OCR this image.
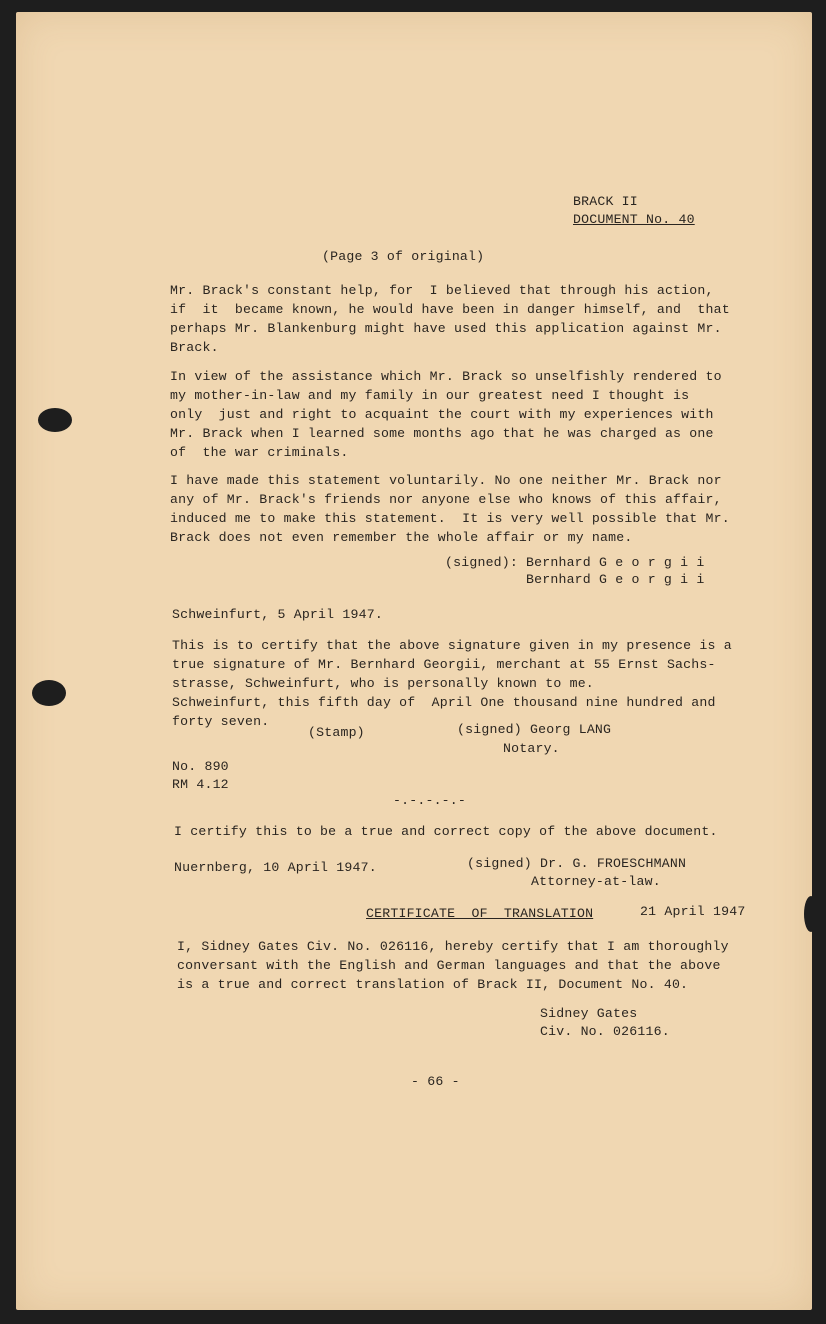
BRACK II
DOCUMENT No. 40
(Page 3 of original)
Mr. Brack's constant help, for  I believed that through his action,
if  it  became known, he would have been in danger himself, and  that
perhaps Mr. Blankenburg might have used this application against Mr.
Brack.
In view of the assistance which Mr. Brack so unselfishly rendered to
my mother-in-law and my family in our greatest need I thought is
only  just and right to acquaint the court with my experiences with
Mr. Brack when I learned some months ago that he was charged as one
of  the war criminals.
I have made this statement voluntarily. No one neither Mr. Brack nor
any of Mr. Brack's friends nor anyone else who knows of this affair,
induced me to make this statement.  It is very well possible that Mr.
Brack does not even remember the whole affair or my name.
(signed): Bernhard G e o r g i i
Bernhard G e o r g i i
Schweinfurt, 5 April 1947.
This is to certify that the above signature given in my presence is a
true signature of Mr. Bernhard Georgii, merchant at 55 Ernst Sachs-
strasse, Schweinfurt, who is personally known to me.
Schweinfurt, this fifth day of  April One thousand nine hundred and
forty seven.
(Stamp)	(signed) Georg LANG
Notary.
No. 890
RM 4.12
-.-.-.-.-
I certify this to be a true and correct copy of the above document.
Nuernberg, 10 April 1947.	(signed) Dr. G. FROESCHMANN
Attorney-at-law.
CERTIFICATE  OF  TRANSLATION	21 April 1947
I, Sidney Gates Civ. No. 026116, hereby certify that I am thoroughly
conversant with the English and German languages and that the above
is a true and correct translation of Brack II, Document No. 40.
Sidney Gates
Civ. No. 026116.
- 66 -
